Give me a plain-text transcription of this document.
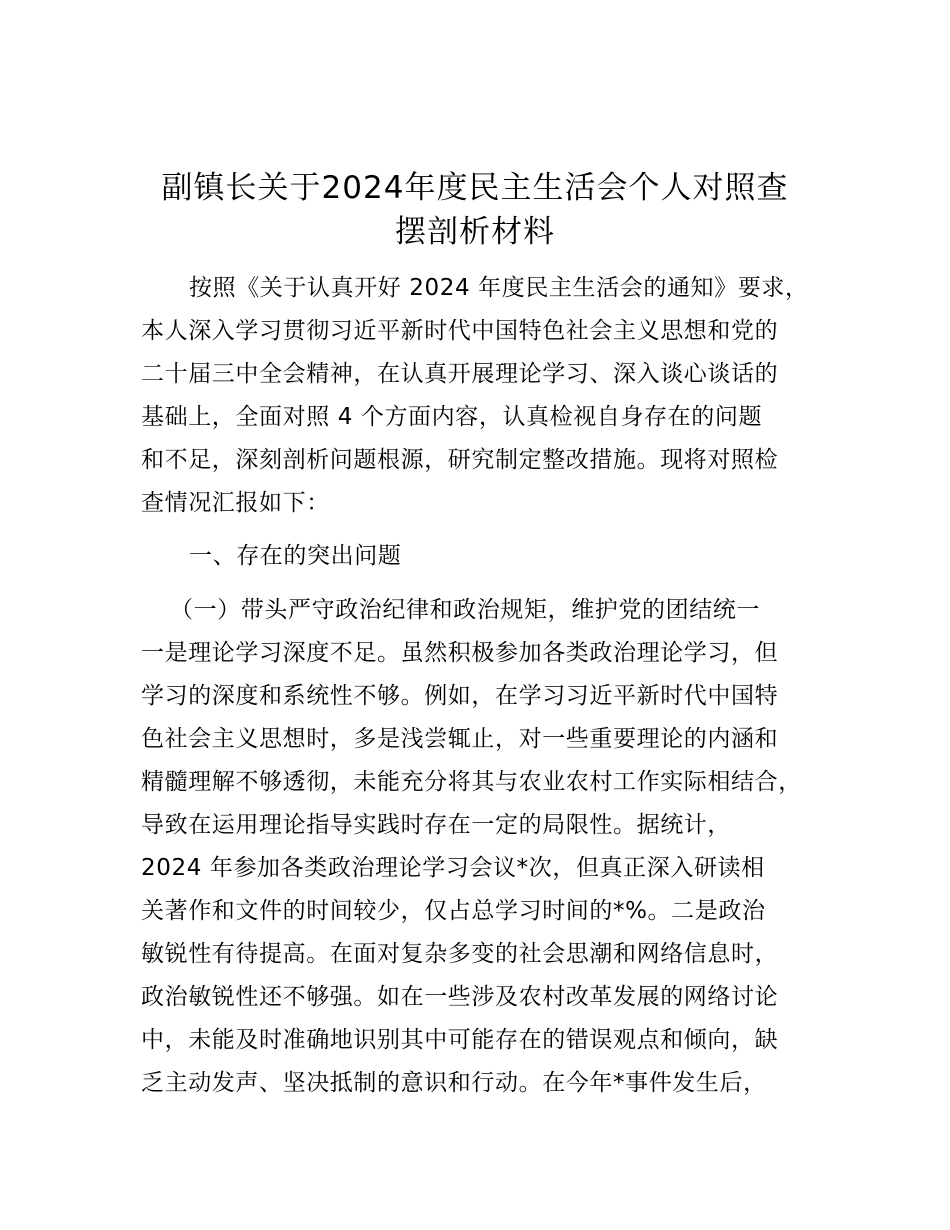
副镇长关于2024年度民主生活会个人对照查
摆剖析材料
按照《关于认真开好 2024 年度民主生活会的通知》要求，
本人深入学习贯彻习近平新时代中国特色社会主义思想和党的
二十届三中全会精神，在认真开展理论学习、深入谈心谈话的
基础上，全面对照 4 个方面内容，认真检视自身存在的问题
和不足，深刻剖析问题根源，研究制定整改措施。现将对照检
查情况汇报如下：
一、存在的突出问题
（一）带头严守政治纪律和政治规矩，维护党的团结统一
一是理论学习深度不足。虽然积极参加各类政治理论学习，但
学习的深度和系统性不够。例如，在学习习近平新时代中国特
色社会主义思想时，多是浅尝辄止，对一些重要理论的内涵和
精髓理解不够透彻，未能充分将其与农业农村工作实际相结合，
导致在运用理论指导实践时存在一定的局限性。据统计，
2024 年参加各类政治理论学习会议*次，但真正深入研读相
关著作和文件的时间较少，仅占总学习时间的*%。二是政治
敏锐性有待提高。在面对复杂多变的社会思潮和网络信息时，
政治敏锐性还不够强。如在一些涉及农村改革发展的网络讨论
中，未能及时准确地识别其中可能存在的错误观点和倾向，缺
乏主动发声、坚决抵制的意识和行动。在今年*事件发生后，
